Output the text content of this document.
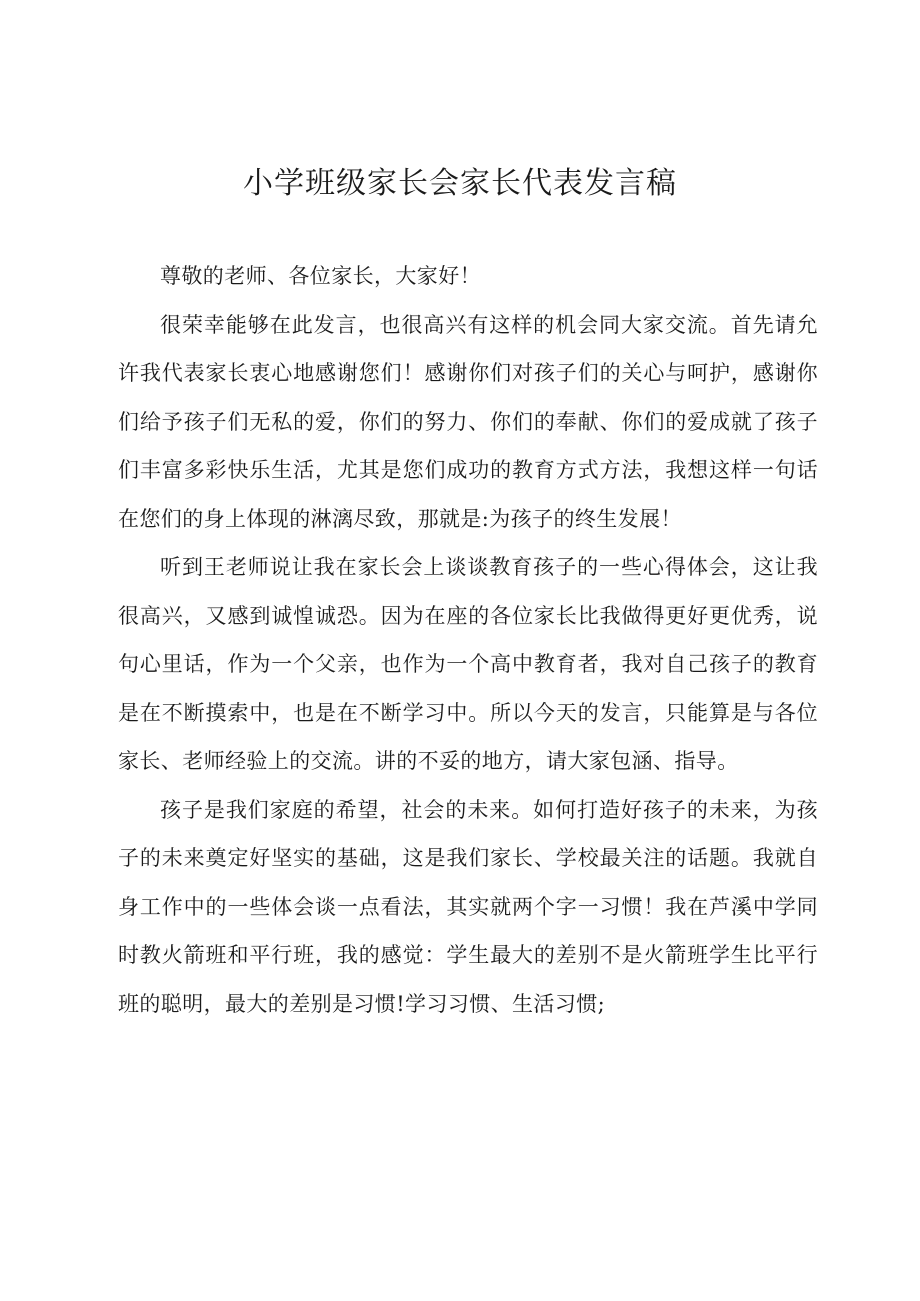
小学班级家长会家长代表发言稿

尊敬的老师、各位家长，大家好！

很荣幸能够在此发言，也很高兴有这样的机会同大家交流。首先请允许我代表家长衷心地感谢您们！感谢你们对孩子们的关心与呵护，感谢你们给予孩子们无私的爱，你们的努力、你们的奉献、你们的爱成就了孩子们丰富多彩快乐生活，尤其是您们成功的教育方式方法，我想这样一句话在您们的身上体现的淋漓尽致，那就是:为孩子的终生发展！

听到王老师说让我在家长会上谈谈教育孩子的一些心得体会，这让我很高兴，又感到诚惶诚恐。因为在座的各位家长比我做得更好更优秀，说句心里话，作为一个父亲，也作为一个高中教育者，我对自己孩子的教育是在不断摸索中，也是在不断学习中。所以今天的发言，只能算是与各位家长、老师经验上的交流。讲的不妥的地方，请大家包涵、指导。

孩子是我们家庭的希望，社会的未来。如何打造好孩子的未来，为孩子的未来奠定好坚实的基础，这是我们家长、学校最关注的话题。我就自身工作中的一些体会谈一点看法，其实就两个字一习惯！我在芦溪中学同时教火箭班和平行班，我的感觉：学生最大的差别不是火箭班学生比平行班的聪明，最大的差别是习惯!学习习惯、生活习惯;
